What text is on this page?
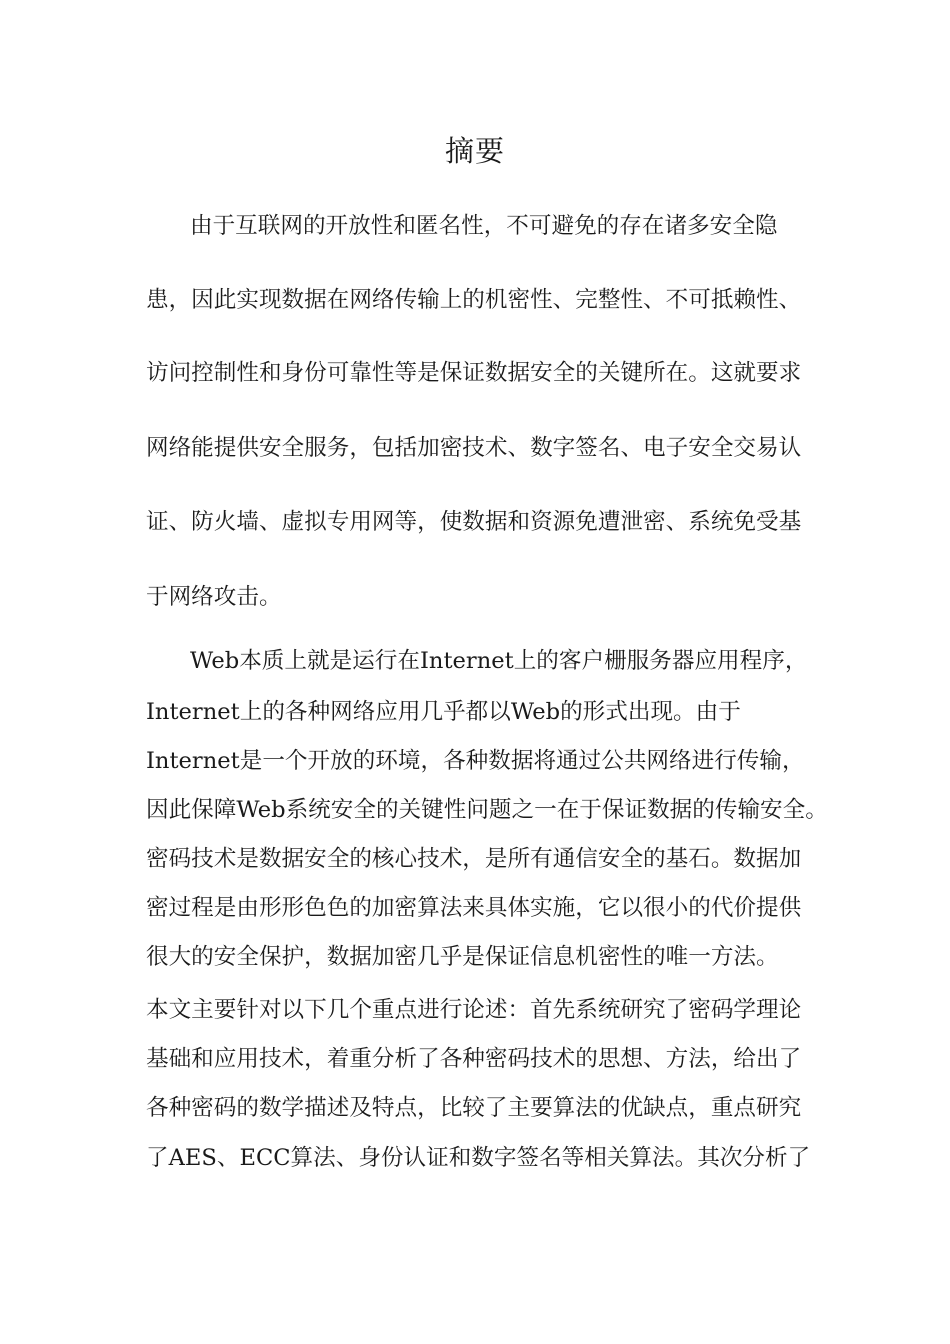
摘要
由于互联网的开放性和匿名性，不可避免的存在诸多安全隐
患，因此实现数据在网络传输上的机密性、完整性、不可抵赖性、
访问控制性和身份可靠性等是保证数据安全的关键所在。这就要求
网络能提供安全服务，包括加密技术、数字签名、电子安全交易认
证、防火墙、虚拟专用网等，使数据和资源免遭泄密、系统免受基
于网络攻击。
Web本质上就是运行在Internet上的客户栅服务器应用程序，
Internet上的各种网络应用几乎都以Web的形式出现。由于
Internet是一个开放的环境，各种数据将通过公共网络进行传输，
因此保障Web系统安全的关键性问题之一在于保证数据的传输安全。
密码技术是数据安全的核心技术，是所有通信安全的基石。数据加
密过程是由形形色色的加密算法来具体实施，它以很小的代价提供
很大的安全保护，数据加密几乎是保证信息机密性的唯一方法。
本文主要针对以下几个重点进行论述：首先系统研究了密码学理论
基础和应用技术，着重分析了各种密码技术的思想、方法，给出了
各种密码的数学描述及特点，比较了主要算法的优缺点，重点研究
了AES、ECC算法、身份认证和数字签名等相关算法。其次分析了
